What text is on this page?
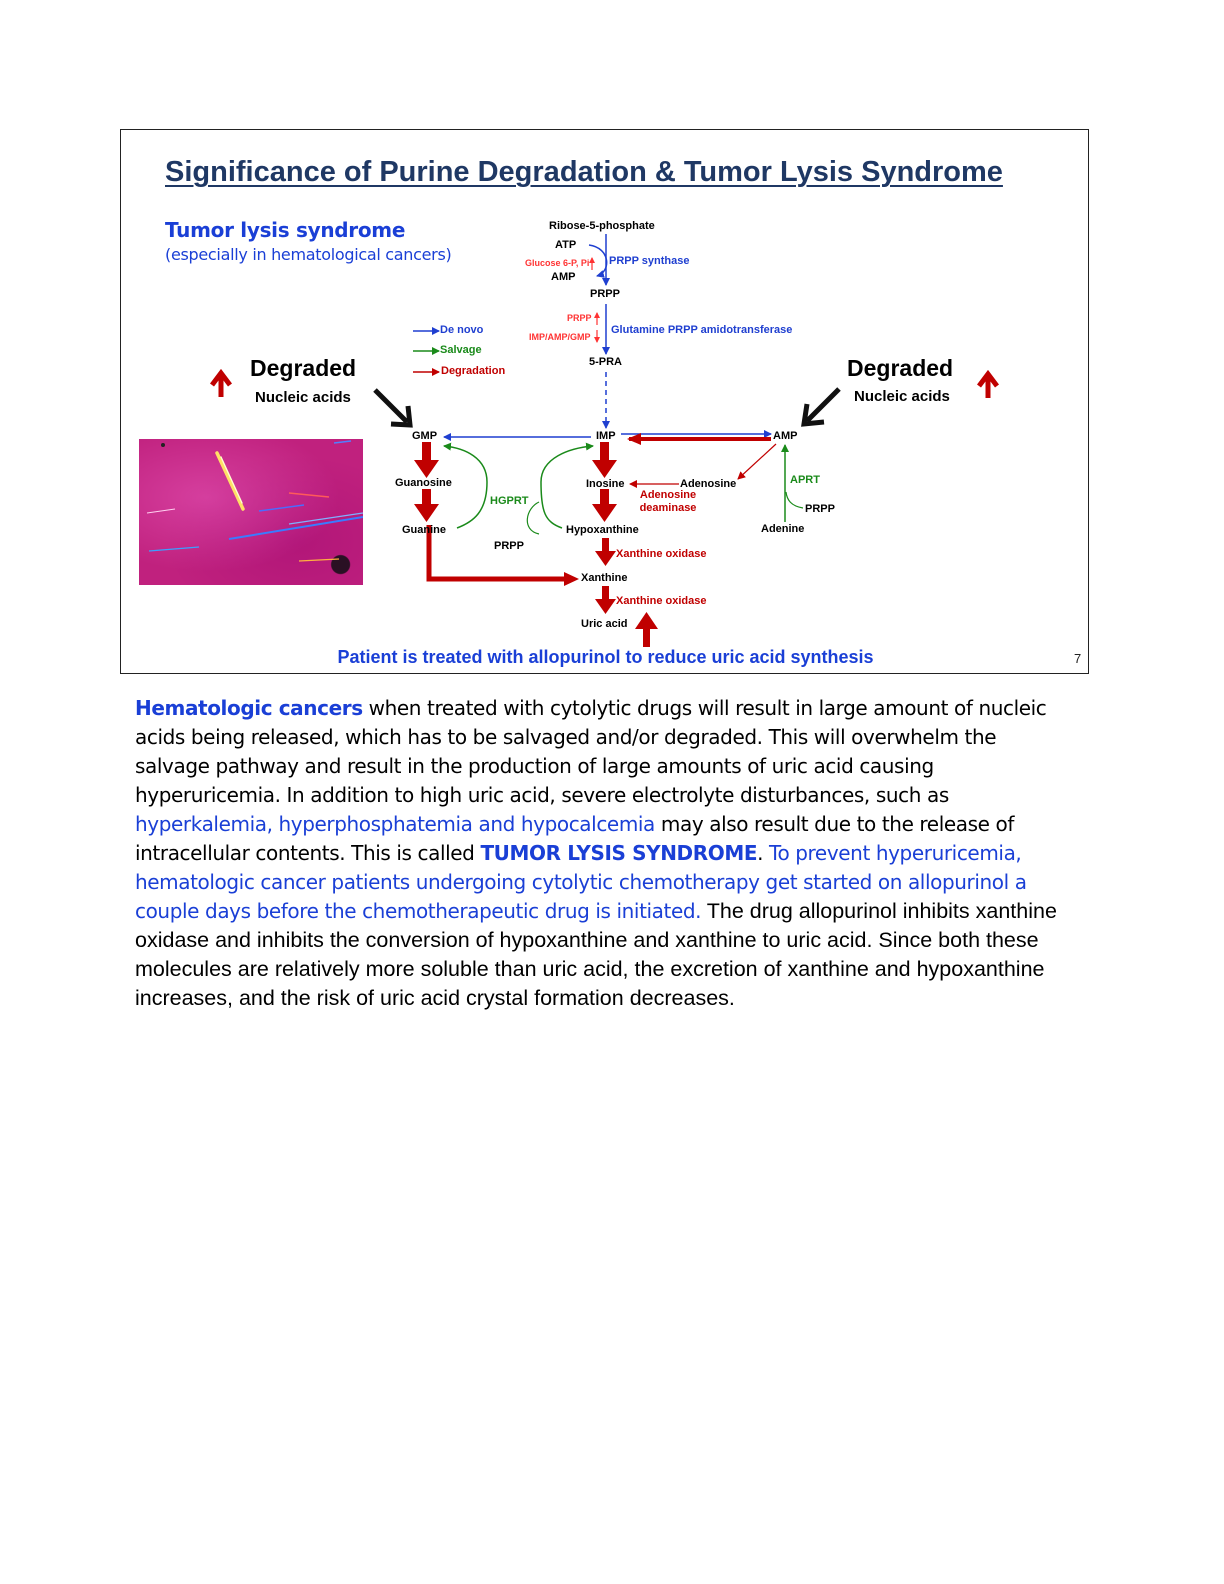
Significance of Purine Degradation & Tumor Lysis Syndrome
Tumor lysis syndrome
(especially in hematological cancers)
Degraded
Nucleic acids
Degraded
Nucleic acids
De novo
Salvage
Degradation
Ribose-5-phosphate
ATP
Glucose 6-P, Pi PRPP synthase
AMP
PRPP
PRPP
IMP/AMP/GMP
Glutamine PRPP amidotransferase
5-PRA
GMP	IMP	AMP
Guanosine	Inosine	Adenosine
Adenosine deaminase
APRT
PRPP
HGPRT
Guanine
PRPP
Hypoxanthine	Adenine
Xanthine oxidase
Xanthine
Xanthine oxidase
Uric acid
Patient is treated with allopurinol to reduce uric acid synthesis	7

Hematologic cancers when treated with cytolytic drugs will result in large amount of nucleic acids being released, which has to be salvaged and/or degraded. This will overwhelm the salvage pathway and result in the production of large amounts of uric acid causing hyperuricemia. In addition to high uric acid, severe electrolyte disturbances, such as hyperkalemia, hyperphosphatemia and hypocalcemia may also result due to the release of intracellular contents. This is called TUMOR LYSIS SYNDROME. To prevent hyperuricemia, hematologic cancer patients undergoing cytolytic chemotherapy get started on allopurinol a couple days before the chemotherapeutic drug is initiated. The drug allopurinol inhibits xanthine oxidase and inhibits the conversion of hypoxanthine and xanthine to uric acid. Since both these molecules are relatively more soluble than uric acid, the excretion of xanthine and hypoxanthine increases, and the risk of uric acid crystal formation decreases.
